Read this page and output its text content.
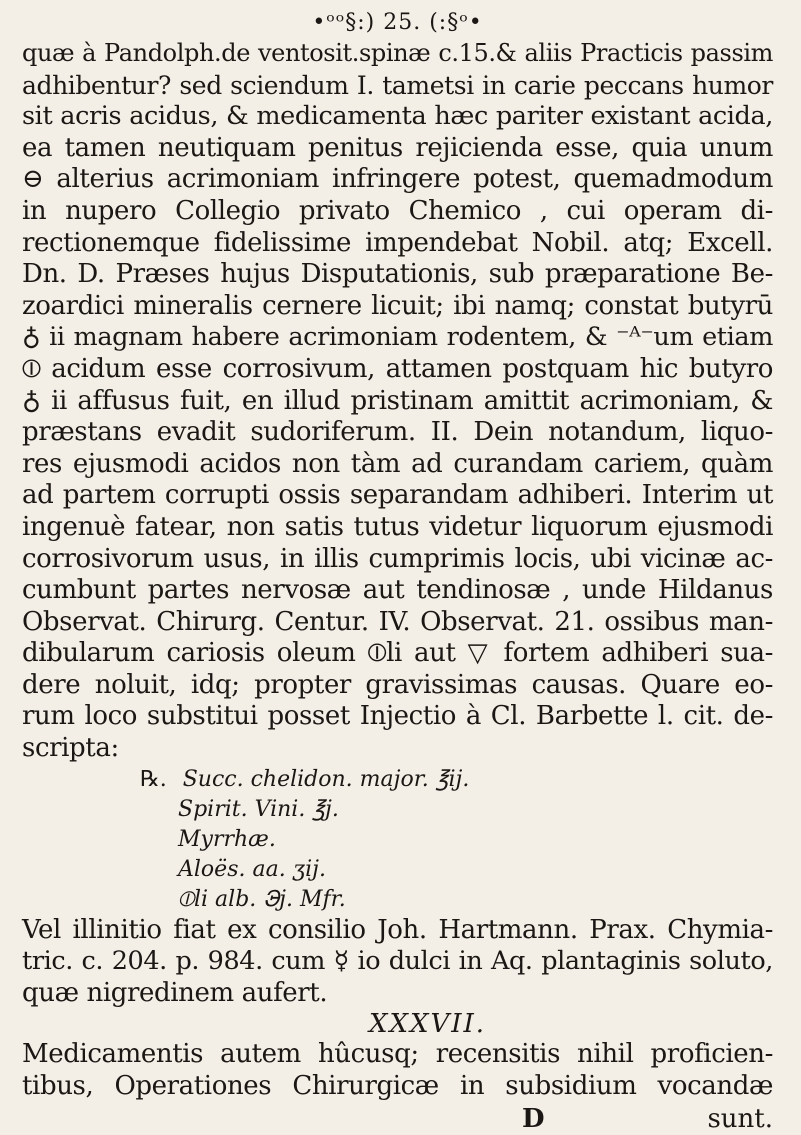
•ᵒᵒ§:) 25. (:§ᵒ•
quæ à Pandolph.de ventosit.spinæ c.15.& aliis Practicis passim
adhibentur? sed sciendum I. tametsi in carie peccans humor
sit acris acidus, & medicamenta hæc pariter existant acida,
ea tamen neutiquam penitus rejicienda esse, quia unum
⊖ alterius acrimoniam infringere potest, quemadmodum
in nupero Collegio privato Chemico , cui operam di-
rectionemque fidelissime impendebat Nobil. atq; Excell.
Dn. D. Præses hujus Disputationis, sub præparatione Be-
zoardici mineralis cernere licuit; ibi namq; constat butyrū
♁ ii magnam habere acrimoniam rodentem, & ⁻ᴬ⁻um etiam
⦶ acidum esse corrosivum, attamen postquam hic butyro
♁ ii affusus fuit, en illud pristinam amittit acrimoniam, &
præstans evadit sudoriferum. II. Dein notandum, liquo-
res ejusmodi acidos non tàm ad curandam cariem, quàm
ad partem corrupti ossis separandam adhiberi. Interim ut
ingenuè fatear, non satis tutus videtur liquorum ejusmodi
corrosivorum usus, in illis cumprimis locis, ubi vicinæ ac-
cumbunt partes nervosæ aut tendinosæ , unde Hildanus
Observat. Chirurg. Centur. IV. Observat. 21. ossibus man-
dibularum cariosis oleum ⦶li aut ▽ fortem adhiberi sua-
dere noluit, idq; propter gravissimas causas. Quare eo-
rum loco substitui posset Injectio à Cl. Barbette l. cit. de-
scripta:
℞. Succ. chelidon. major. ℥ij.
Spirit. Vini. ℥j.
Myrrhæ.
Aloës. aa. ʒij.
⦶li alb. ℈j. Mfr.
Vel illinitio fiat ex consilio Joh. Hartmann. Prax. Chymia-
tric. c. 204. p. 984. cum ☿ io dulci in Aq. plantaginis soluto,
quæ nigredinem aufert.
XXXVII.
Medicamentis autem hûcusq; recensitis nihil proficien-
tibus, Operationes Chirurgicæ in subsidium vocandæ
D	sunt.
